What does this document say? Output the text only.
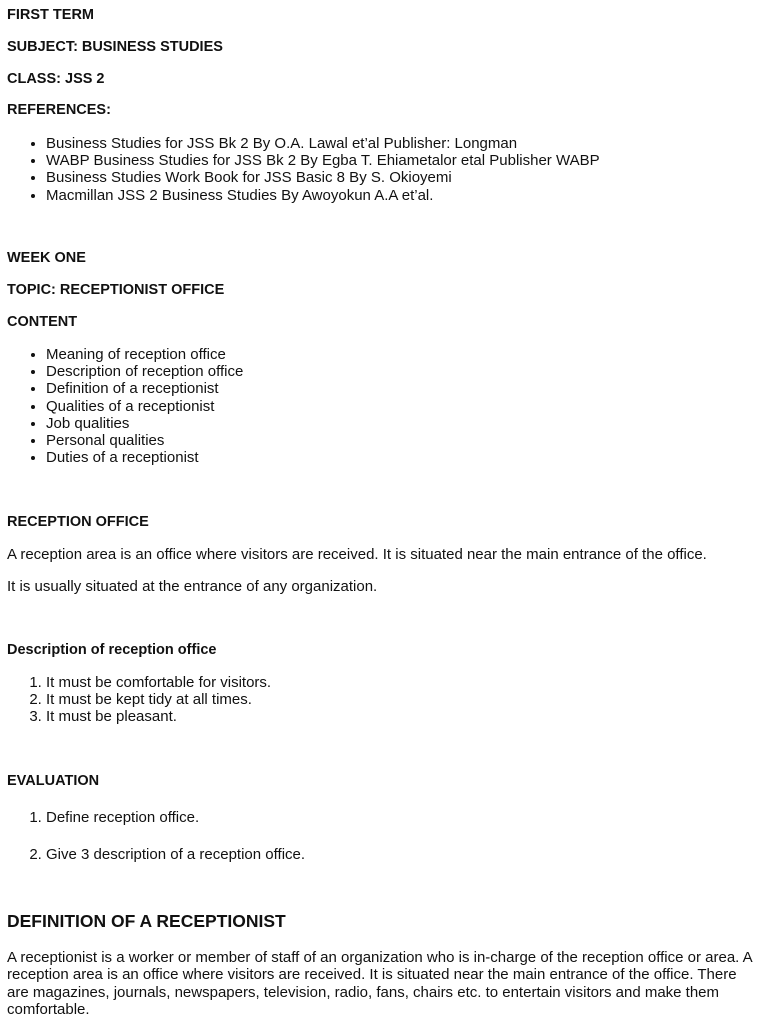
FIRST TERM

SUBJECT: BUSINESS STUDIES

CLASS: JSS 2

REFERENCES:

• Business Studies for JSS Bk 2 By O.A. Lawal et’al Publisher: Longman
• WABP Business Studies for JSS Bk 2 By Egba T. Ehiametalor etal Publisher WABP
• Business Studies Work Book for JSS Basic 8 By S. Okioyemi
• Macmillan JSS 2 Business Studies By Awoyokun A.A et’al.

WEEK ONE

TOPIC: RECEPTIONIST OFFICE

CONTENT

• Meaning of reception office
• Description of reception office
• Definition of a receptionist
• Qualities of a receptionist
• Job qualities
• Personal qualities
• Duties of a receptionist

RECEPTION OFFICE

A reception area is an office where visitors are received. It is situated near the main entrance of the office.

It is usually situated at the entrance of any organization.

Description of reception office

1. It must be comfortable for visitors.
2. It must be kept tidy at all times.
3. It must be pleasant.

EVALUATION

1. Define reception office.
2. Give 3 description of a reception office.

DEFINITION OF A RECEPTIONIST

A receptionist is a worker or member of staff of an organization who is in-charge of the reception office or area. A reception area is an office where visitors are received. It is situated near the main entrance of the office. There are magazines, journals, newspapers, television, radio, fans, chairs etc. to entertain visitors and make them comfortable.
